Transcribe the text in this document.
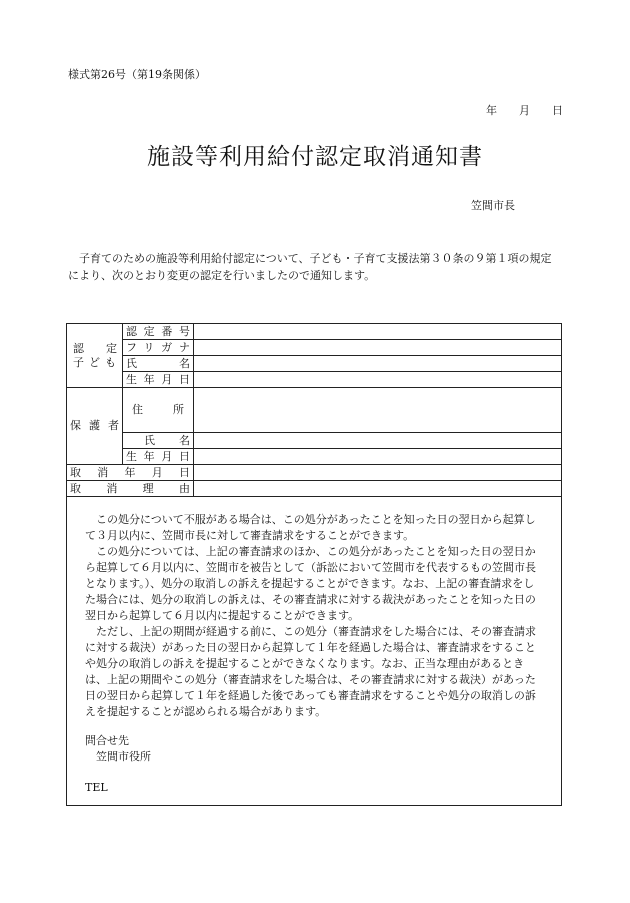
様式第26号（第19条関係）
年 月 日
施設等利用給付認定取消通知書
笠間市長
子育てのための施設等利用給付認定について、子ども・子育て支援法第３０条の９第１項の規定により、次のとおり変更の認定を行いましたので通知します。
認　　定
子ども	認定番号	

	フリガナ	

	氏名	

	生年月日	

保護者	住所	

	氏名	

	生年月日	

取消年月日		

取消理由		

この処分について不服がある場合は、この処分があったことを知った日の翌日から起算して３月以内に、笠間市長に対して審査請求をすることができます。

この処分については、上記の審査請求のほか、この処分があったことを知った日の翌日から起算して６月以内に、笠間市を被告として（訴訟において笠間市を代表するもの笠間市長となります。）、処分の取消しの訴えを提起することができます。なお、上記の審査請求をした場合には、処分の取消しの訴えは、その審査請求に対する裁決があったことを知った日の翌日から起算して６月以内に提起することができます。

ただし、上記の期間が経過する前に、この処分（審査請求をした場合には、その審査請求に対する裁決）があった日の翌日から起算して１年を経過した場合は、審査請求をすることや処分の取消しの訴えを提起することができなくなります。なお、正当な理由があるときは、上記の期間やこの処分（審査請求をした場合は、その審査請求に対する裁決）があった日の翌日から起算して１年を経過した後であっても審査請求をすることや処分の取消しの訴えを提起することが認められる場合があります。

問合せ先
笠間市役所
TEL
